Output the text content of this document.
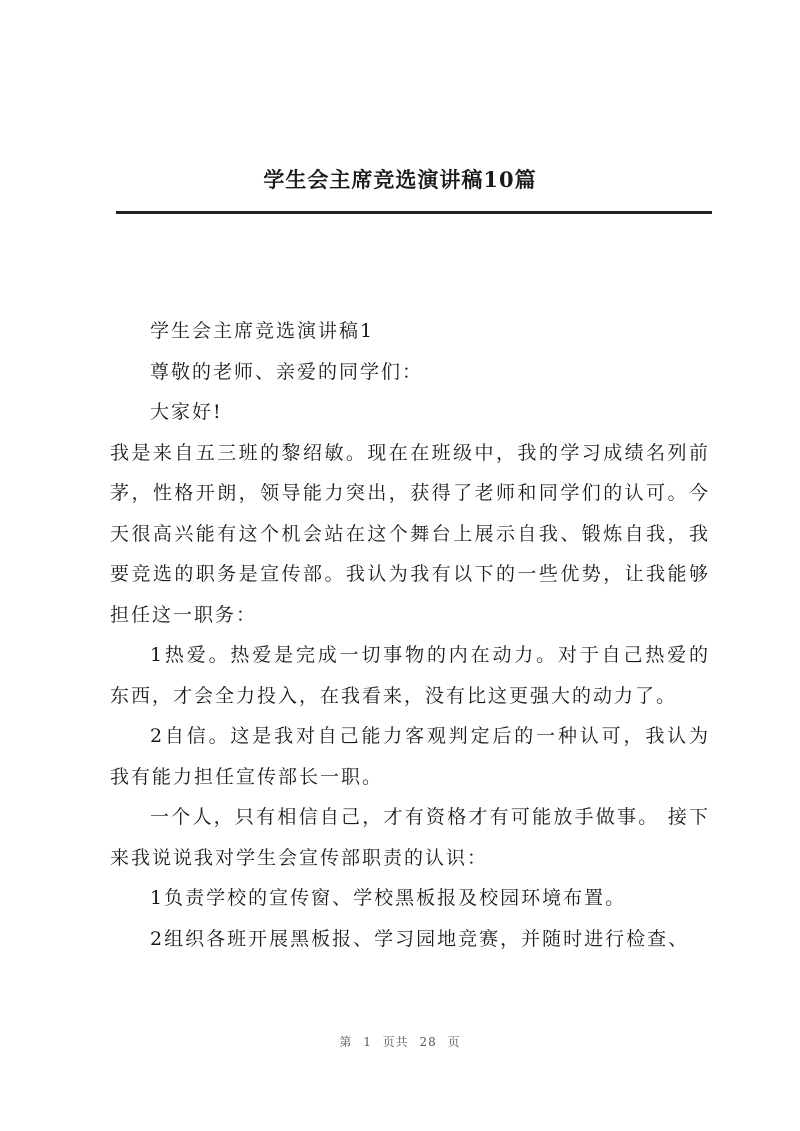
学生会主席竞选演讲稿10篇

学生会主席竞选演讲稿1

尊敬的老师、亲爱的同学们：

大家好!

我是来自五三班的黎绍敏。现在在班级中，我的学习成绩名列前茅，性格开朗，领导能力突出，获得了老师和同学们的认可。今天很高兴能有这个机会站在这个舞台上展示自我、锻炼自我，我要竞选的职务是宣传部。我认为我有以下的一些优势，让我能够担任这一职务：

1热爱。热爱是完成一切事物的内在动力。对于自己热爱的东西，才会全力投入，在我看来，没有比这更强大的动力了。

2自信。这是我对自己能力客观判定后的一种认可，我认为我有能力担任宣传部长一职。

一个人，只有相信自己，才有资格才有可能放手做事。 接下来我说说我对学生会宣传部职责的认识：

1负责学校的宣传窗、学校黑板报及校园环境布置。

2组织各班开展黑板报、学习园地竞赛，并随时进行检查、

第 1 页共 28 页
